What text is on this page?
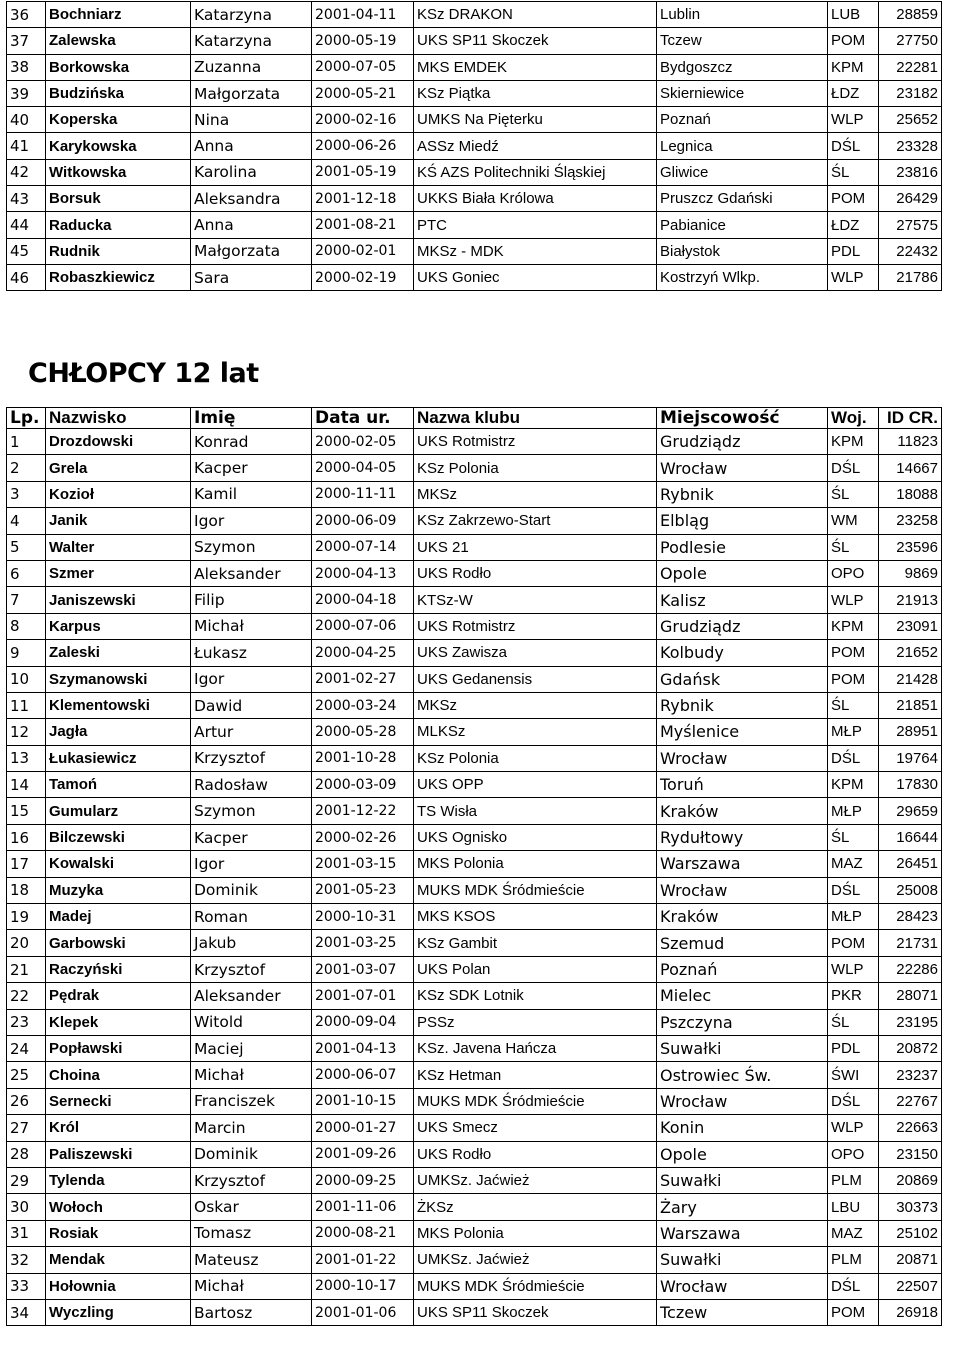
36	Bochniarz	Katarzyna	2001-04-11	KSz DRAKON	Lublin	LUB	28859
37	Zalewska	Katarzyna	2000-05-19	UKS SP11 Skoczek	Tczew	POM	27750
38	Borkowska	Zuzanna	2000-07-05	MKS EMDEK	Bydgoszcz	KPM	22281
39	Budzińska	Małgorzata	2000-05-21	KSz Piątka	Skierniewice	ŁDZ	23182
40	Koperska	Nina	2000-02-16	UMKS Na Pięterku	Poznań	WLP	25652
41	Karykowska	Anna	2000-06-26	ASSz Miedź	Legnica	DŚL	23328
42	Witkowska	Karolina	2001-05-19	KŚ AZS Politechniki Śląskiej	Gliwice	ŚL	23816
43	Borsuk	Aleksandra	2001-12-18	UKKS Biała Królowa	Pruszcz Gdański	POM	26429
44	Raducka	Anna	2001-08-21	PTC	Pabianice	ŁDZ	27575
45	Rudnik	Małgorzata	2000-02-01	MKSz - MDK	Białystok	PDL	22432
46	Robaszkiewicz	Sara	2000-02-19	UKS Goniec	Kostrzyń Wlkp.	WLP	21786
CHŁOPCY 12 lat
Lp.	Nazwisko	Imię	Data ur.	Nazwa klubu	Miejscowość	Woj.	ID CR.
1	Drozdowski	Konrad	2000-02-05	UKS Rotmistrz	Grudziądz	KPM	11823
2	Grela	Kacper	2000-04-05	KSz Polonia	Wrocław	DŚL	14667
3	Kozioł	Kamil	2000-11-11	MKSz	Rybnik	ŚL	18088
4	Janik	Igor	2000-06-09	KSz Zakrzewo-Start	Elbląg	WM	23258
5	Walter	Szymon	2000-07-14	UKS 21	Podlesie	ŚL	23596
6	Szmer	Aleksander	2000-04-13	UKS Rodło	Opole	OPO	9869
7	Janiszewski	Filip	2000-04-18	KTSz-W	Kalisz	WLP	21913
8	Karpus	Michał	2000-07-06	UKS Rotmistrz	Grudziądz	KPM	23091
9	Zaleski	Łukasz	2000-04-25	UKS Zawisza	Kolbudy	POM	21652
10	Szymanowski	Igor	2001-02-27	UKS Gedanensis	Gdańsk	POM	21428
11	Klementowski	Dawid	2000-03-24	MKSz	Rybnik	ŚL	21851
12	Jagła	Artur	2000-05-28	MLKSz	Myślenice	MŁP	28951
13	Łukasiewicz	Krzysztof	2001-10-28	KSz Polonia	Wrocław	DŚL	19764
14	Tamoń	Radosław	2000-03-09	UKS OPP	Toruń	KPM	17830
15	Gumularz	Szymon	2001-12-22	TS Wisła	Kraków	MŁP	29659
16	Bilczewski	Kacper	2000-02-26	UKS Ognisko	Rydułtowy	ŚL	16644
17	Kowalski	Igor	2001-03-15	MKS Polonia	Warszawa	MAZ	26451
18	Muzyka	Dominik	2001-05-23	MUKS MDK Śródmieście	Wrocław	DŚL	25008
19	Madej	Roman	2000-10-31	MKS KSOS	Kraków	MŁP	28423
20	Garbowski	Jakub	2001-03-25	KSz Gambit	Szemud	POM	21731
21	Raczyński	Krzysztof	2001-03-07	UKS Polan	Poznań	WLP	22286
22	Pędrak	Aleksander	2001-07-01	KSz SDK Lotnik	Mielec	PKR	28071
23	Klepek	Witold	2000-09-04	PSSz	Pszczyna	ŚL	23195
24	Popławski	Maciej	2001-04-13	KSz. Javena Hańcza	Suwałki	PDL	20872
25	Choina	Michał	2000-06-07	KSz Hetman	Ostrowiec Św.	ŚWI	23237
26	Sernecki	Franciszek	2001-10-15	MUKS MDK Śródmieście	Wrocław	DŚL	22767
27	Król	Marcin	2000-01-27	UKS Smecz	Konin	WLP	22663
28	Paliszewski	Dominik	2001-09-26	UKS Rodło	Opole	OPO	23150
29	Tylenda	Krzysztof	2000-09-25	UMKSz. Jaćwież	Suwałki	PLM	20869
30	Wołoch	Oskar	2001-11-06	ŻKSz	Żary	LBU	30373
31	Rosiak	Tomasz	2000-08-21	MKS Polonia	Warszawa	MAZ	25102
32	Mendak	Mateusz	2001-01-22	UMKSz. Jaćwież	Suwałki	PLM	20871
33	Hołownia	Michał	2000-10-17	MUKS MDK Śródmieście	Wrocław	DŚL	22507
34	Wyczling	Bartosz	2001-01-06	UKS SP11 Skoczek	Tczew	POM	26918
